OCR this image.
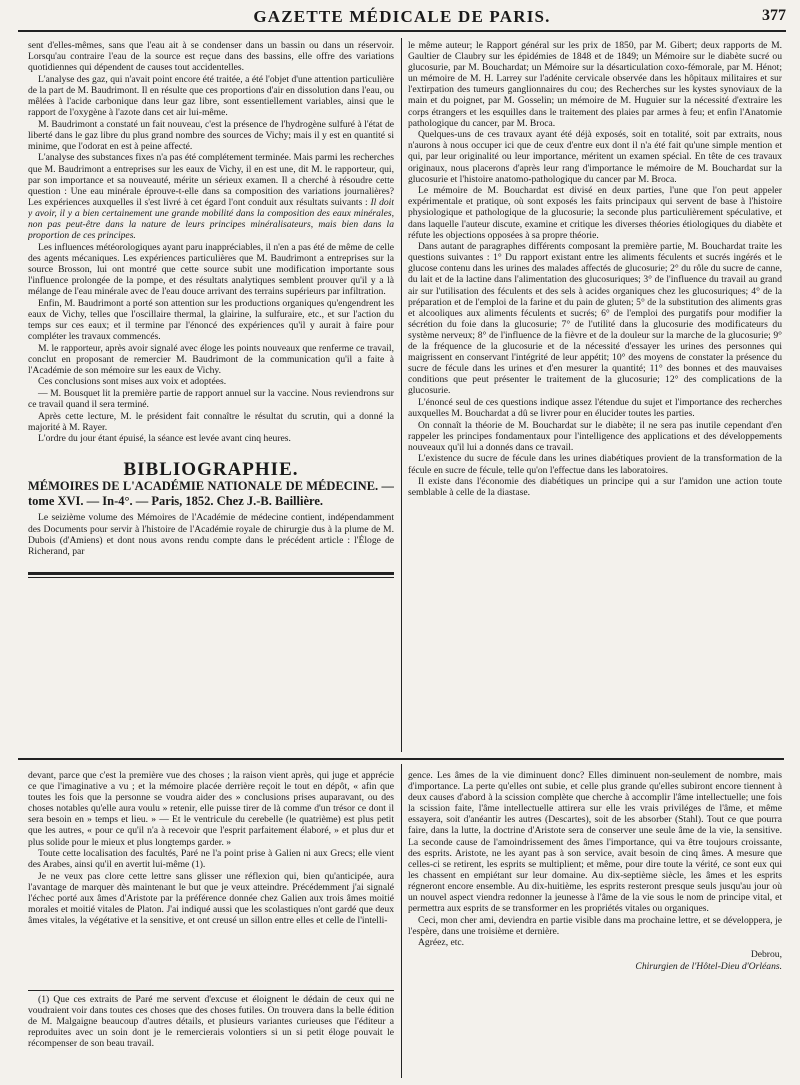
GAZETTE MÉDICALE DE PARIS.	377

sent d'elles-mêmes, sans que l'eau ait à se condenser dans un bassin ou dans un réservoir. Lorsqu'au contraire l'eau de la source est reçue dans des bassins, elle offre des variations quotidiennes qui dépendent de causes tout accidentelles.

L'analyse des gaz, qui n'avait point encore été traitée, a été l'objet d'une attention particulière de la part de M. Baudrimont. Il en résulte que ces proportions d'air en dissolution dans l'eau, ou mêlées à l'acide carbonique dans leur gaz libre, sont essentiellement variables, ainsi que le rapport de l'oxygène à l'azote dans cet air lui-même.

M. Baudrimont a constaté un fait nouveau, c'est la présence de l'hydrogène sulfuré à l'état de liberté dans le gaz libre du plus grand nombre des sources de Vichy; mais il y est en quantité si minime, que l'odorat en est à peine affecté.

L'analyse des substances fixes n'a pas été complétement terminée. Mais parmi les recherches que M. Baudrimont a entreprises sur les eaux de Vichy, il en est une, dit M. le rapporteur, qui, par son importance et sa nouveauté, mérite un sérieux examen. Il a cherché à résoudre cette question : Une eau minérale éprouve-t-elle dans sa composition des variations journalières? Les expériences auxquelles il s'est livré à cet égard l'ont conduit aux résultats suivants : Il doit y avoir, il y a bien certainement une grande mobilité dans la composition des eaux minérales, non pas peut-être dans la nature de leurs principes minéralisateurs, mais bien dans la proportion de ces principes.

Les influences météorologiques ayant paru inappréciables, il n'en a pas été de même de celle des agents mécaniques. Les expériences particulières que M. Baudrimont a entreprises sur la source Brosson, lui ont montré que cette source subit une modification importante sous l'influence prolongée de la pompe, et des résultats analytiques semblent prouver qu'il y a là mélange de l'eau minérale avec de l'eau douce arrivant des terrains supérieurs par infiltration.

Enfin, M. Baudrimont a porté son attention sur les productions organiques qu'engendrent les eaux de Vichy, telles que l'oscillaire thermal, la glairine, la sulfuraire, etc., et sur l'action du temps sur ces eaux; et il termine par l'énoncé des expériences qu'il y aurait à faire pour compléter les travaux commencés.

M. le rapporteur, après avoir signalé avec éloge les points nouveaux que renferme ce travail, conclut en proposant de remercier M. Baudrimont de la communication qu'il a faite à l'Académie de son mémoire sur les eaux de Vichy.

Ces conclusions sont mises aux voix et adoptées.

— M. Bousquet lit la première partie de rapport annuel sur la vaccine. Nous reviendrons sur ce travail quand il sera terminé.

Après cette lecture, M. le président fait connaître le résultat du scrutin, qui a donné la majorité à M. Rayer.

L'ordre du jour étant épuisé, la séance est levée avant cinq heures.

BIBLIOGRAPHIE.
MÉMOIRES DE L'ACADÉMIE NATIONALE DE MÉDECINE. — tome XVI. — In-4°. — Paris, 1852. Chez J.-B. Baillière.

Le seizième volume des Mémoires de l'Académie de médecine contient, indépendamment des Documents pour servir à l'histoire de l'Académie royale de chirurgie dus à la plume de M. Dubois (d'Amiens) et dont nous avons rendu compte dans le précédent article : l'Éloge de Richerand, par

le même auteur; le Rapport général sur les prix de 1850, par M. Gibert; deux rapports de M. Gaultier de Claubry sur les épidémies de 1848 et de 1849; un Mémoire sur le diabète sucré ou glucosurie, par M. Bouchardat; un Mémoire sur la désarticulation coxo-fémorale, par M. Hénot; un mémoire de M. H. Larrey sur l'adénite cervicale observée dans les hôpitaux militaires et sur l'extirpation des tumeurs ganglionnaires du cou; des Recherches sur les kystes synoviaux de la main et du poignet, par M. Gosselin; un mémoire de M. Huguier sur la nécessité d'extraire les corps étrangers et les esquilles dans le traitement des plaies par armes à feu; et enfin l'Anatomie pathologique du cancer, par M. Broca.

Quelques-uns de ces travaux ayant été déjà exposés, soit en totalité, soit par extraits, nous n'aurons à nous occuper ici que de ceux d'entre eux dont il n'a été fait qu'une simple mention et qui, par leur originalité ou leur importance, méritent un examen spécial. En tête de ces travaux originaux, nous placerons d'après leur rang d'importance le mémoire de M. Bouchardat sur la glucosurie et l'histoire anatomo-pathologique du cancer par M. Broca.

Le mémoire de M. Bouchardat est divisé en deux parties, l'une que l'on peut appeler expérimentale et pratique, où sont exposés les faits principaux qui servent de base à l'histoire physiologique et pathologique de la glucosurie; la seconde plus particulièrement spéculative, et dans laquelle l'auteur discute, examine et critique les diverses théories étiologiques du diabète et réfute les objections opposées à sa propre théorie.

Dans autant de paragraphes différents composant la première partie, M. Bouchardat traite les questions suivantes : 1° Du rapport existant entre les aliments féculents et sucrés ingérés et le glucose contenu dans les urines des malades affectés de glucosurie; 2° du rôle du sucre de canne, du lait et de la lactine dans l'alimentation des glucosuriques; 3° de l'influence du travail au grand air sur l'utilisation des féculents et des sels à acides organiques chez les glucosuriques; 4° de la préparation et de l'emploi de la farine et du pain de gluten; 5° de la substitution des aliments gras et alcooliques aux aliments féculents et sucrés; 6° de l'emploi des purgatifs pour modifier la sécrétion du foie dans la glucosurie; 7° de l'utilité dans la glucosurie des modificateurs du système nerveux; 8° de l'influence de la fièvre et de la douleur sur la marche de la glucosurie; 9° de la fréquence de la glucosurie et de la nécessité d'essayer les urines des personnes qui maigrissent en conservant l'intégrité de leur appétit; 10° des moyens de constater la présence du sucre de fécule dans les urines et d'en mesurer la quantité; 11° des bonnes et des mauvaises conditions que peut présenter le traitement de la glucosurie; 12° des complications de la glucosurie.

L'énoncé seul de ces questions indique assez l'étendue du sujet et l'importance des recherches auxquelles M. Bouchardat a dû se livrer pour en élucider toutes les parties.

On connaît la théorie de M. Bouchardat sur le diabète; il ne sera pas inutile cependant d'en rappeler les principes fondamentaux pour l'intelligence des applications et des développements nouveaux qu'il lui a donnés dans ce travail.

L'existence du sucre de fécule dans les urines diabétiques provient de la transformation de la fécule en sucre de fécule, telle qu'on l'effectue dans les laboratoires.

Il existe dans l'économie des diabétiques un principe qui a sur l'amidon une action toute semblable à celle de la diastase.

devant, parce que c'est la première vue des choses ; la raison vient après, qui juge et apprécie ce que l'imaginative a vu ; et la mémoire placée derrière reçoit le tout en dépôt, « afin que toutes les fois que la personne se voudra aider des » conclusions prises auparavant, ou des choses notables qu'elle aura voulu » retenir, elle puisse tirer de là comme d'un trésor ce dont il sera besoin en » temps et lieu. » — Et le ventricule du cerebelle (le quatrième) est plus petit que les autres, « pour ce qu'il n'a à recevoir que l'esprit parfaitement élaboré, » et plus dur et plus solide pour le mieux et plus longtemps garder. »

Toute cette localisation des facultés, Paré ne l'a point prise à Galien ni aux Grecs; elle vient des Arabes, ainsi qu'il en avertit lui-même (1).

Je ne veux pas clore cette lettre sans glisser une réflexion qui, bien qu'anticipée, aura l'avantage de marquer dès maintenant le but que je veux atteindre. Précédemment j'ai signalé l'échec porté aux âmes d'Aristote par la préférence donnée chez Galien aux trois âmes moitié morales et moitié vitales de Platon. J'ai indiqué aussi que les scolastiques n'ont gardé que deux âmes vitales, la végétative et la sensitive, et ont creusé un sillon entre elles et celle de l'intelli-

(1) Que ces extraits de Paré me servent d'excuse et éloignent le dédain de ceux qui ne voudraient voir dans toutes ces choses que des choses futiles. On trouvera dans la belle édition de M. Malgaigne beaucoup d'autres détails, et plusieurs variantes curieuses que l'éditeur a reproduites avec un soin dont je le remercierais volontiers si un si petit éloge pouvait le récompenser de son beau travail.

gence. Les âmes de la vie diminuent donc? Elles diminuent non-seulement de nombre, mais d'importance. La perte qu'elles ont subie, et celle plus grande qu'elles subiront encore tiennent à deux causes d'abord à la scission complète que cherche à accomplir l'âme intellectuelle; une fois la scission faite, l'âme intellectuelle attirera sur elle les vrais priviléges de l'âme, et même essayera, soit d'anéantir les autres (Descartes), soit de les absorber (Stahl). Tout ce que pourra faire, dans la lutte, la doctrine d'Aristote sera de conserver une seule âme de la vie, la sensitive. La seconde cause de l'amoindrissement des âmes l'importance, qui va être toujours croissante, des esprits. Aristote, ne les ayant pas à son service, avait besoin de cinq âmes. A mesure que celles-ci se retirent, les esprits se multiplient; et même, pour dire toute la vérité, ce sont eux qui les chassent en empiétant sur leur domaine. Au dix-septième siècle, les âmes et les esprits régneront encore ensemble. Au dix-huitième, les esprits resteront presque seuls jusqu'au jour où un nouvel aspect viendra redonner la jeunesse à l'âme de la vie sous le nom de principe vital, et permettra aux esprits de se transformer en les propriétés vitales ou organiques.

Ceci, mon cher ami, deviendra en partie visible dans ma prochaine lettre, et se développera, je l'espère, dans une troisième et dernière.

Agréez, etc.

Debrou,

Chirurgien de l'Hôtel-Dieu d'Orléans.
